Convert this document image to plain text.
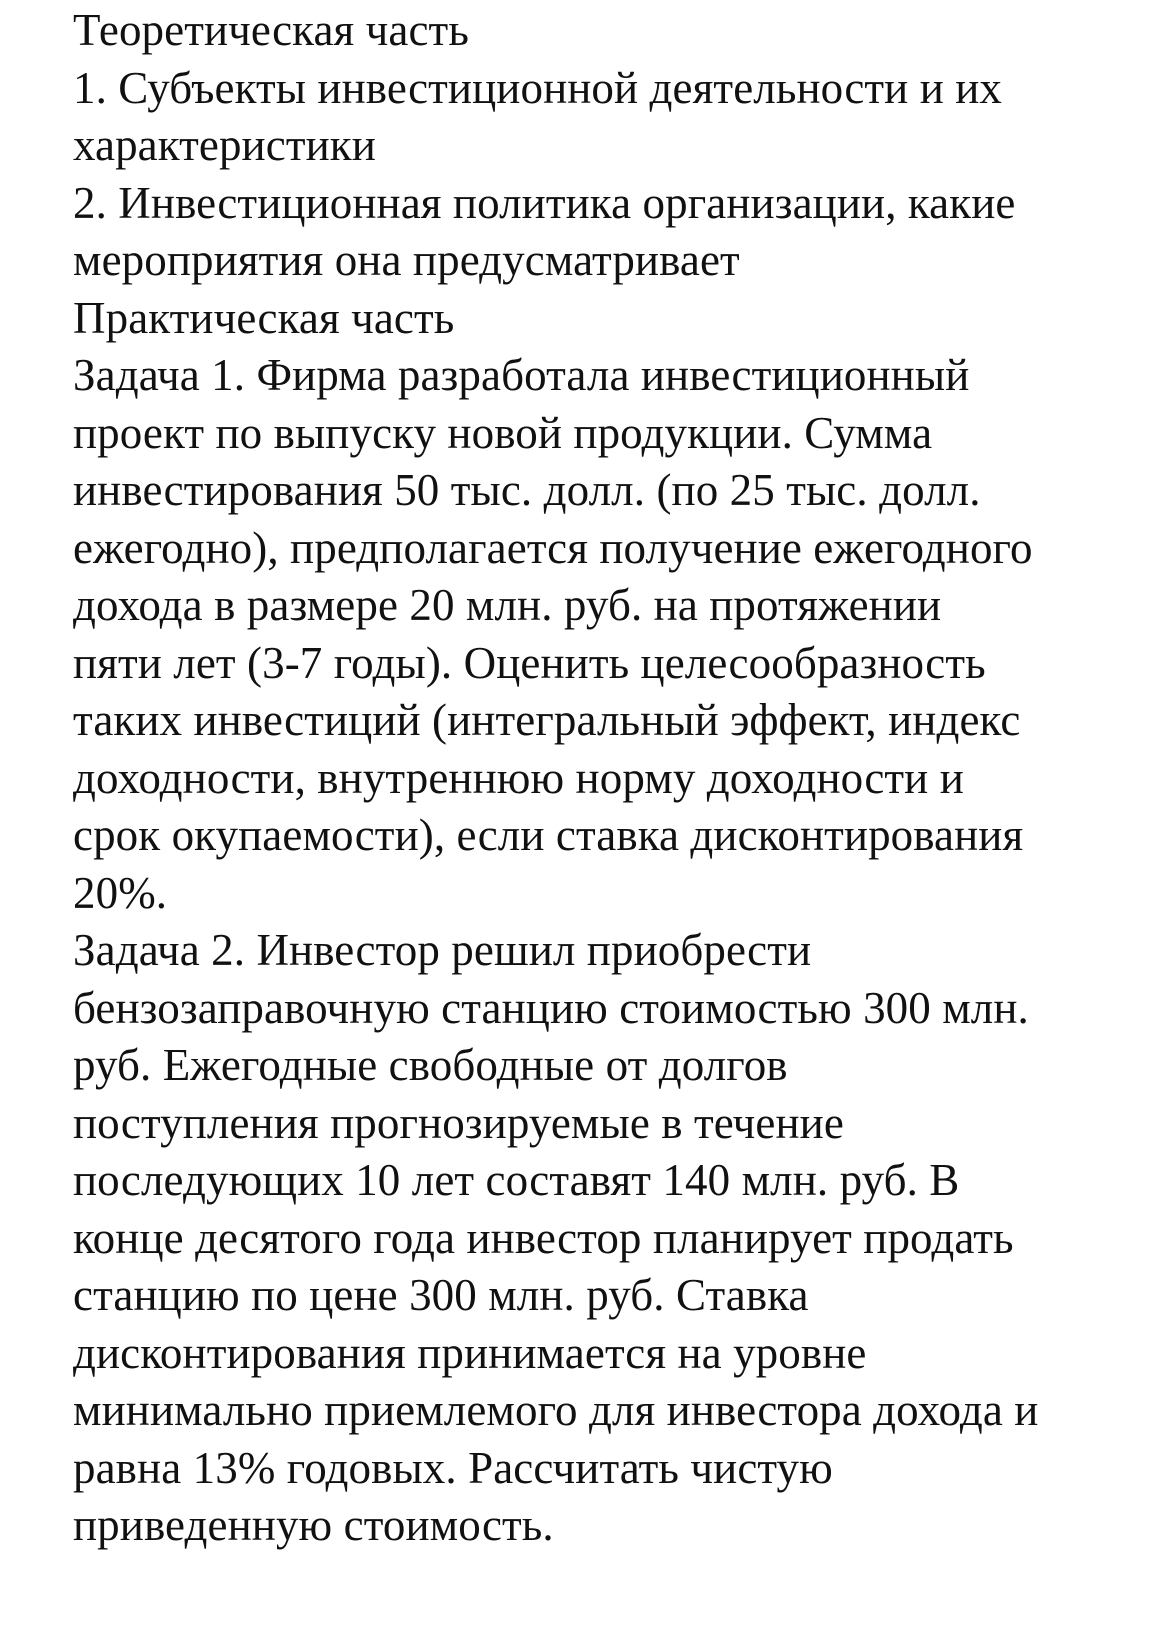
Теоретическая часть
1. Субъекты инвестиционной деятельности и их
характеристики
2. Инвестиционная политика организации, какие
мероприятия она предусматривает
Практическая часть
Задача 1. Фирма разработала инвестиционный
проект по выпуску новой продукции. Сумма
инвестирования 50 тыс. долл. (по 25 тыс. долл.
ежегодно), предполагается получение ежегодного
дохода в размере 20 млн. руб. на протяжении
пяти лет (3-7 годы). Оценить целесообразность
таких инвестиций (интегральный эффект, индекс
доходности, внутреннюю норму доходности и
срок окупаемости), если ставка дисконтирования
20%.
Задача 2. Инвестор решил приобрести
бензозаправочную станцию стоимостью 300 млн.
руб. Ежегодные свободные от долгов
поступления прогнозируемые в течение
последующих 10 лет составят 140 млн. руб. В
конце десятого года инвестор планирует продать
станцию по цене 300 млн. руб. Ставка
дисконтирования принимается на уровне
минимально приемлемого для инвестора дохода и
равна 13% годовых. Рассчитать чистую
приведенную стоимость.
